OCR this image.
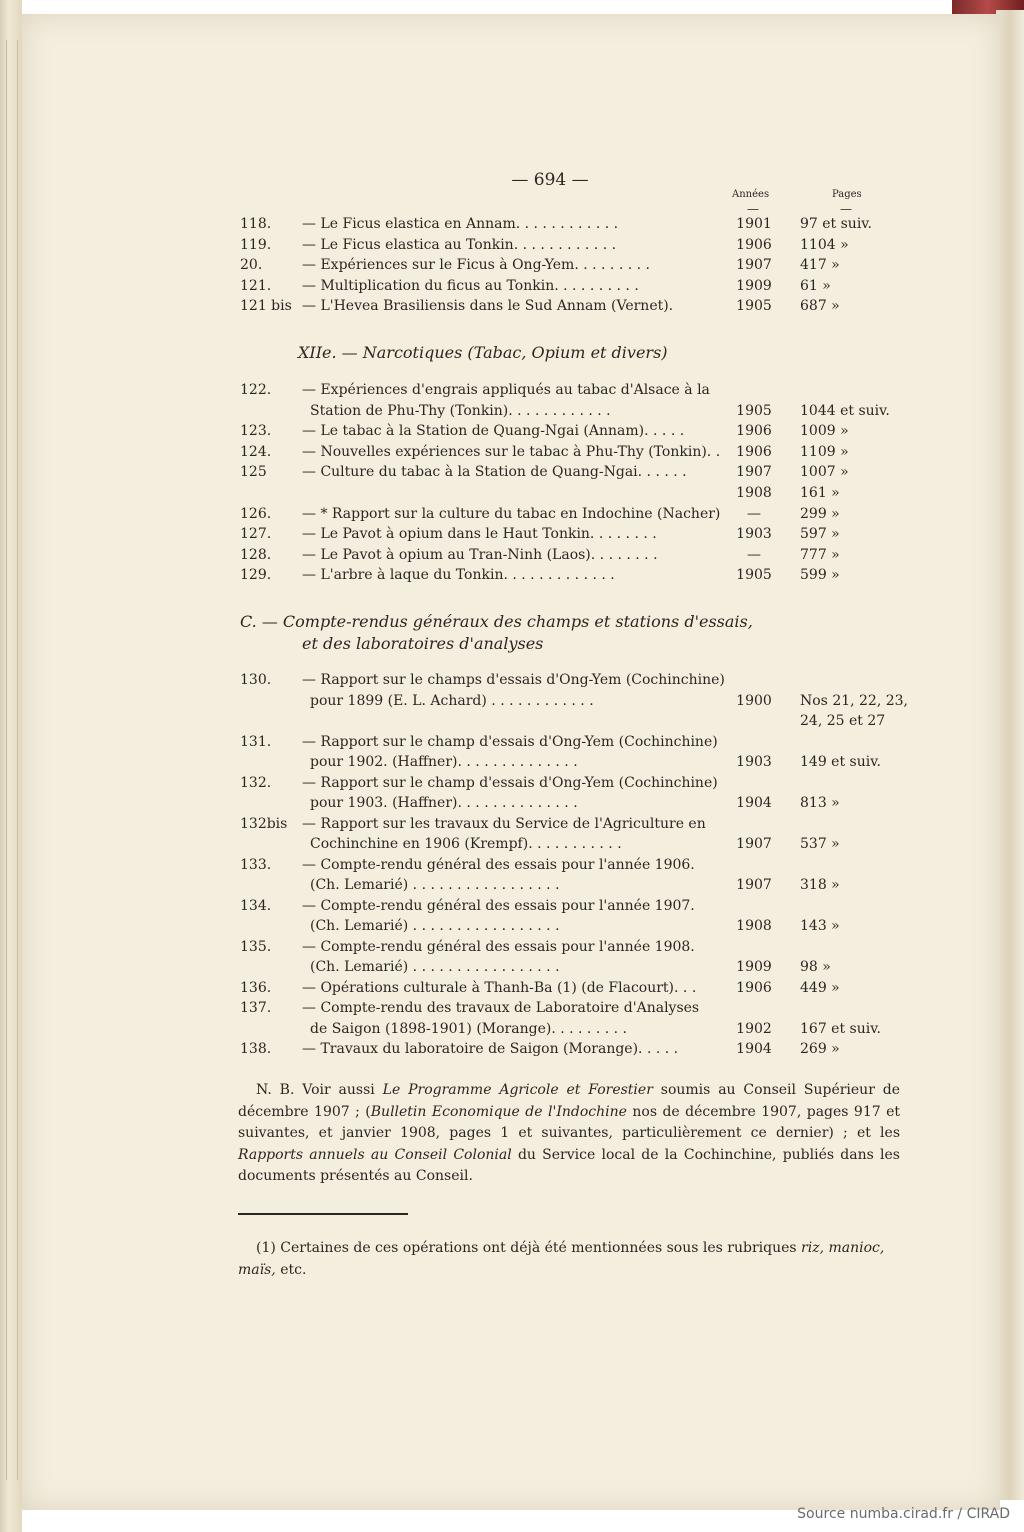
— 694 —
Années	Pages
—	—
118. — Le Ficus elastica en Annam. . . . . . . . . . . .	1901 97 et suiv.
119. — Le Ficus elastica au Tonkin. . . . . . . . . . . .	1906 1104 »
20.	— Expériences sur le Ficus à Ong-Yem. . . . . . . . .	1907 417 »
121. — Multiplication du ficus au Tonkin. . . . . . . . . .	1909 61 »
121 bis — L'Hevea Brasiliensis dans le Sud Annam (Vernet).	1905 687 »
XIIe. — Narcotiques (Tabac, Opium et divers)
122. — Expériences d'engrais appliqués au tabac d'Alsace à la
Station de Phu-Thy (Tonkin). . . . . . . . . . . .	1905 1044 et suiv.
123. — Le tabac à la Station de Quang-Ngai (Annam). . . . .	1906 1009 »
124. — Nouvelles expériences sur le tabac à Phu-Thy (Tonkin). .	1906 1109 »
125	— Culture du tabac à la Station de Quang-Ngai. . . . . .	1907 1007 »
1908 161 »
126. — * Rapport sur la culture du tabac en Indochine (Nacher)	—	299 »
127. — Le Pavot à opium dans le Haut Tonkin. . . . . . . .	1903 597 »
128. — Le Pavot à opium au Tran-Ninh (Laos). . . . . . . .	—	777 »
129. — L'arbre à laque du Tonkin. . . . . . . . . . . . .	1905 599 »
C. — Compte-rendus généraux des champs et stations d'essais,
et des laboratoires d'analyses
130. — Rapport sur le champs d'essais d'Ong-Yem (Cochinchine)
pour 1899 (E. L. Achard) . . . . . . . . . . . .	1900 Nos 21, 22, 23,
24, 25 et 27
131. — Rapport sur le champ d'essais d'Ong-Yem (Cochinchine)
pour 1902. (Haffner). . . . . . . . . . . . . .	1903 149 et suiv.
132. — Rapport sur le champ d'essais d'Ong-Yem (Cochinchine)
pour 1903. (Haffner). . . . . . . . . . . . . .	1904 813 »
132bis — Rapport sur les travaux du Service de l'Agriculture en
Cochinchine en 1906 (Krempf). . . . . . . . . . .	1907 537 »
133. — Compte-rendu général des essais pour l'année 1906.
(Ch. Lemarié) . . . . . . . . . . . . . . . . .	1907 318 »
134. — Compte-rendu général des essais pour l'année 1907.
(Ch. Lemarié) . . . . . . . . . . . . . . . . .	1908 143 »
135. — Compte-rendu général des essais pour l'année 1908.
(Ch. Lemarié) . . . . . . . . . . . . . . . . .	1909 98 »
136. — Opérations culturale à Thanh-Ba (1) (de Flacourt). . .	1906 449 »
137. — Compte-rendu des travaux de Laboratoire d'Analyses
de Saigon (1898-1901) (Morange). . . . . . . . .	1902 167 et suiv.
138. — Travaux du laboratoire de Saigon (Morange). . . . .	1904 269 »
N. B. Voir aussi Le Programme Agricole et Forestier soumis au Conseil Supérieur de décembre 1907 ; (Bulletin Economique de l'Indochine nos de décembre 1907, pages 917 et suivantes, et janvier 1908, pages 1 et suivantes, particulièrement ce dernier) ; et les Rapports annuels au Conseil Colonial du Service local de la Cochinchine, publiés dans les documents présentés au Conseil.
(1) Certaines de ces opérations ont déjà été mentionnées sous les rubriques riz, manioc, maïs, etc.
Source numba.cirad.fr / CIRAD
